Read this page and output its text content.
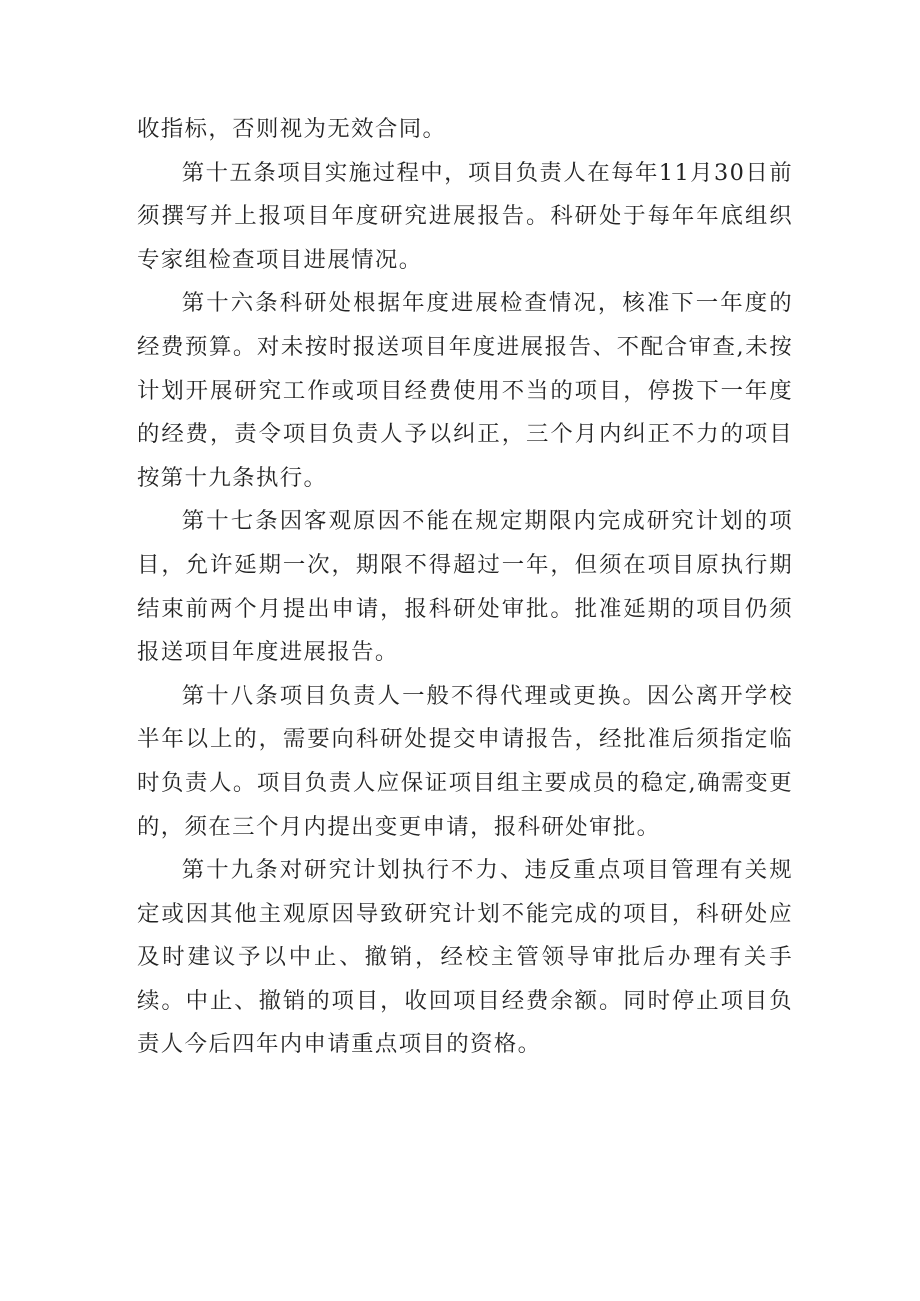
收指标，否则视为无效合同。

第十五条项目实施过程中，项目负责人在每年11月30日前须撰写并上报项目年度研究进展报告。科研处于每年年底组织专家组检查项目进展情况。

第十六条科研处根据年度进展检查情况，核准下一年度的经费预算。对未按时报送项目年度进展报告、不配合审查,未按计划开展研究工作或项目经费使用不当的项目，停拨下一年度的经费，责令项目负责人予以纠正，三个月内纠正不力的项目按第十九条执行。

第十七条因客观原因不能在规定期限内完成研究计划的项目，允许延期一次，期限不得超过一年，但须在项目原执行期结束前两个月提出申请，报科研处审批。批准延期的项目仍须报送项目年度进展报告。

第十八条项目负责人一般不得代理或更换。因公离开学校半年以上的，需要向科研处提交申请报告，经批准后须指定临时负责人。项目负责人应保证项目组主要成员的稳定,确需变更的，须在三个月内提出变更申请，报科研处审批。

第十九条对研究计划执行不力、违反重点项目管理有关规定或因其他主观原因导致研究计划不能完成的项目，科研处应及时建议予以中止、撤销，经校主管领导审批后办理有关手续。中止、撤销的项目，收回项目经费余额。同时停止项目负责人今后四年内申请重点项目的资格。
